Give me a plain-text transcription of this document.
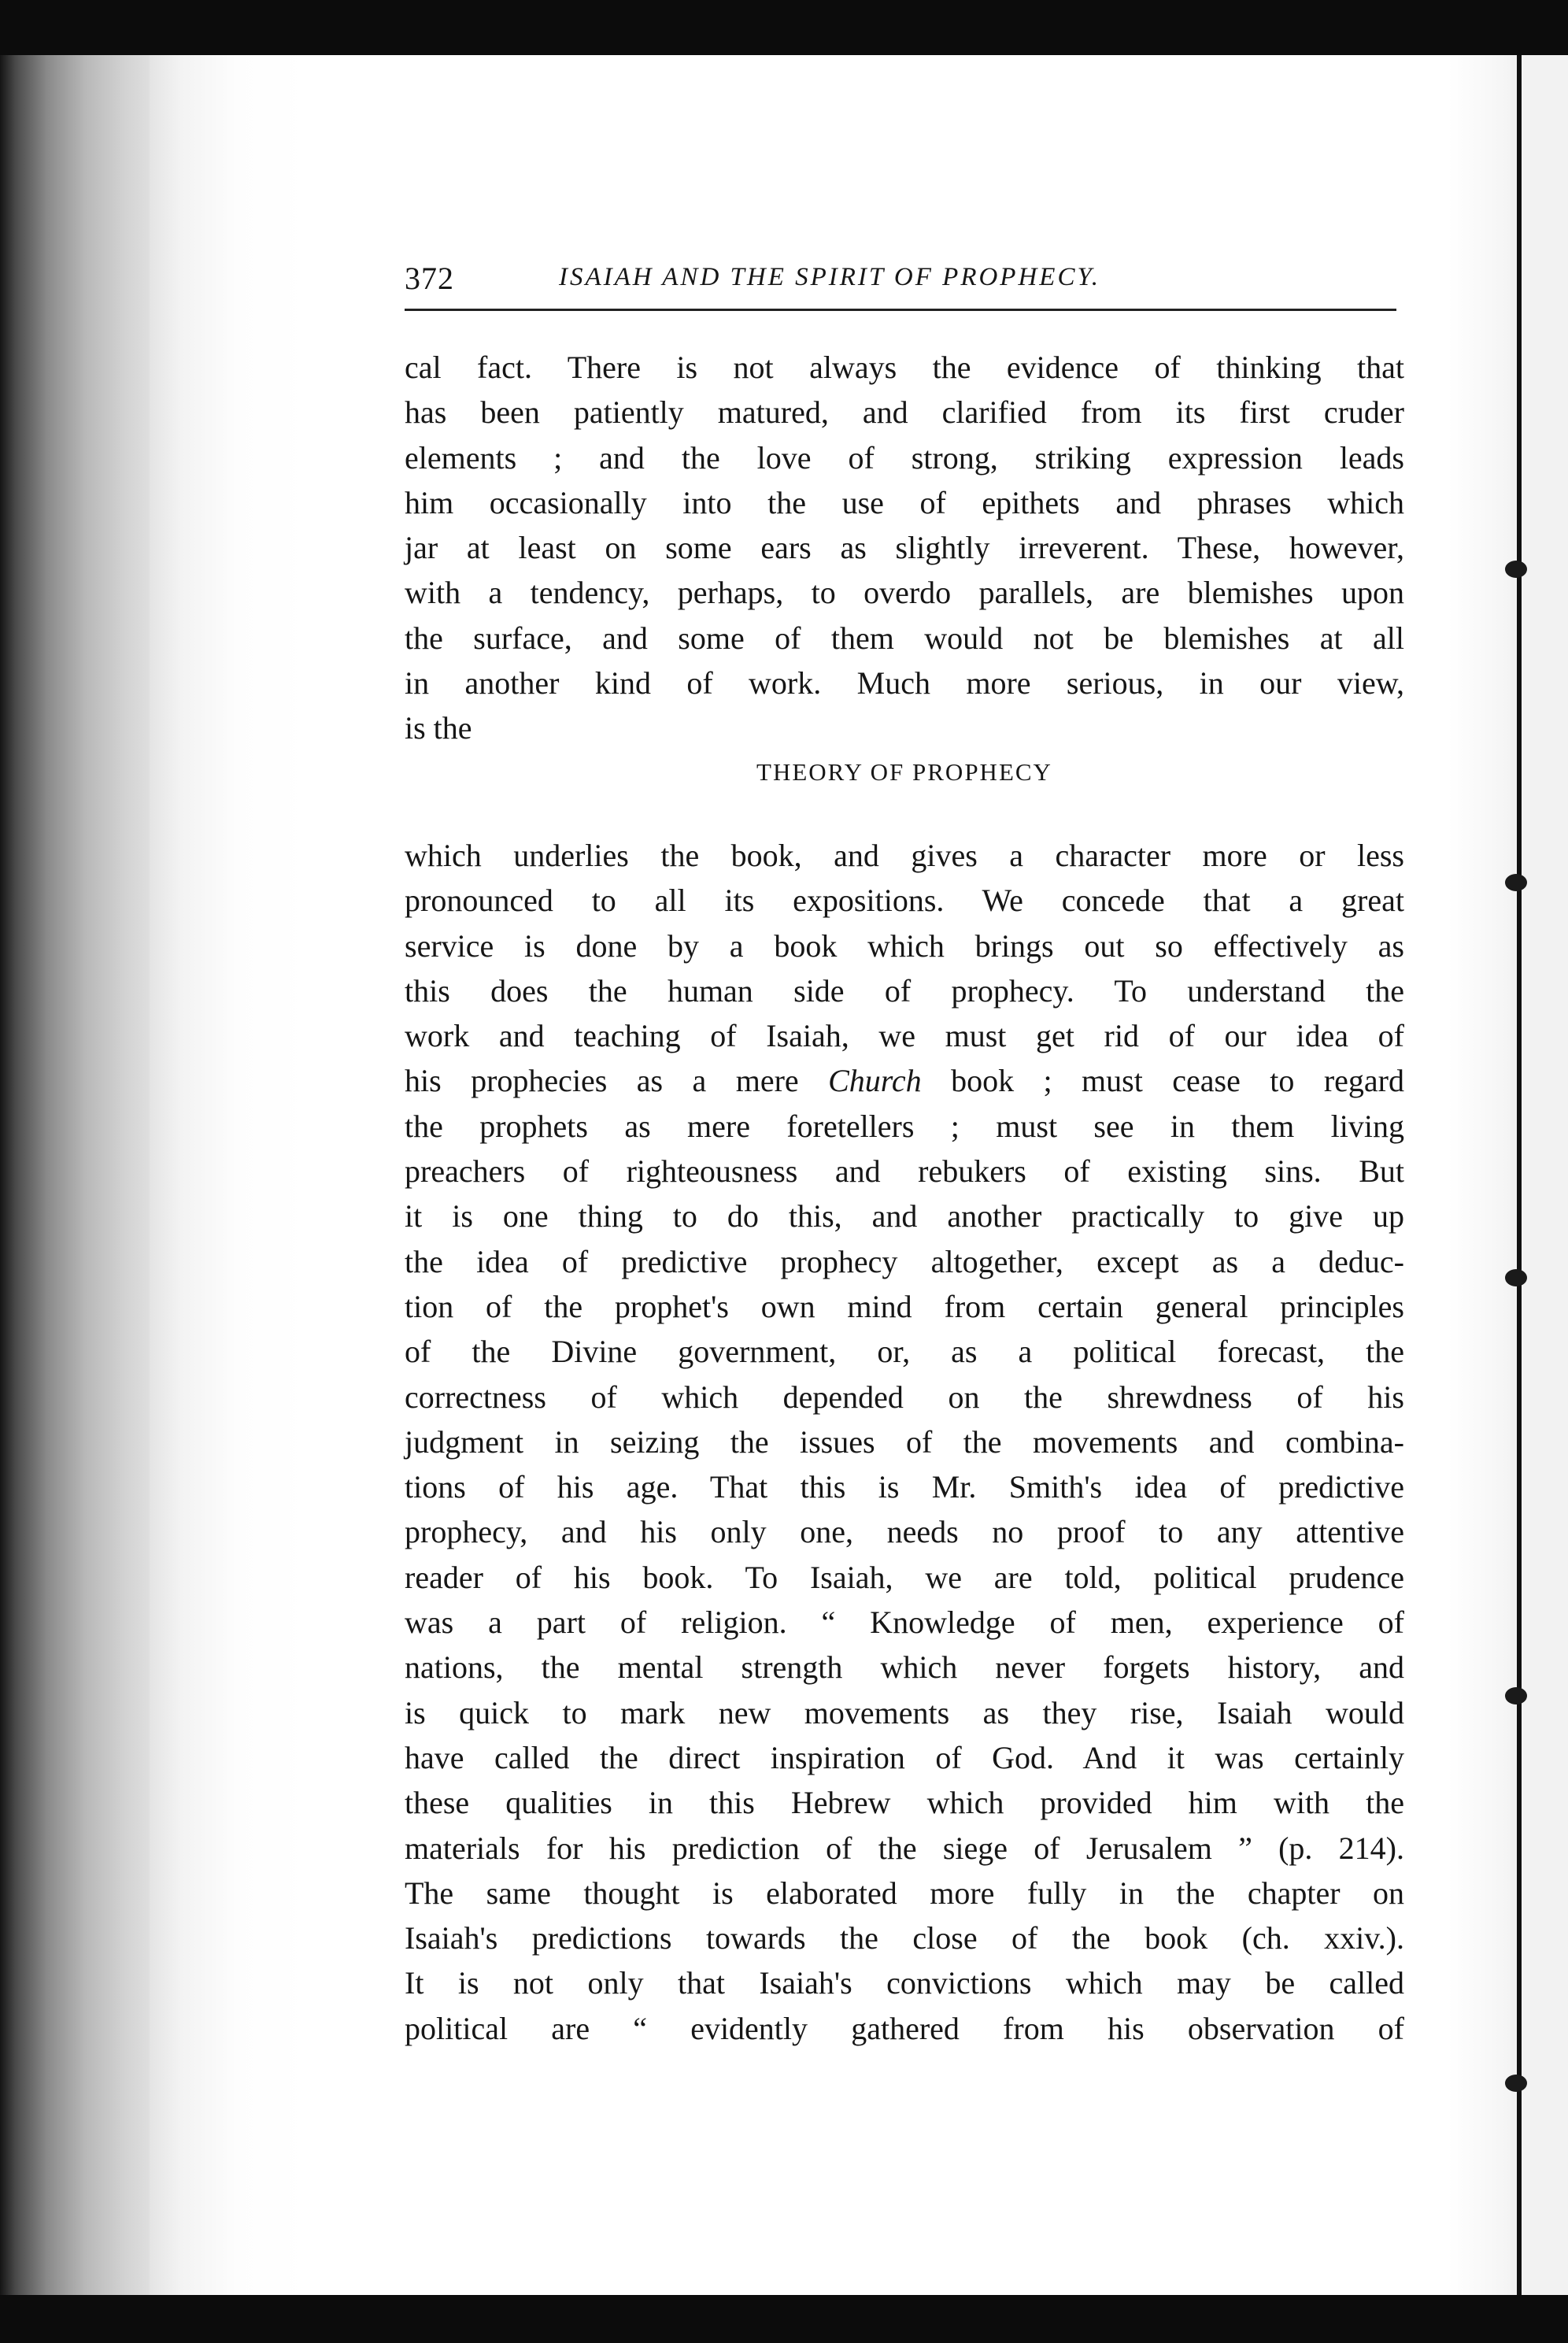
372	ISAIAH AND THE SPIRIT OF PROPHECY.
cal fact. There is not always the evidence of thinking that
has been patiently matured, and clarified from its first cruder
elements ; and the love of strong, striking expression leads
him occasionally into the use of epithets and phrases which
jar at least on some ears as slightly irreverent. These, however,
with a tendency, perhaps, to overdo parallels, are blemishes upon
the surface, and some of them would not be blemishes at all
in another kind of work. Much more serious, in our view,
is the
THEORY OF PROPHECY
which underlies the book, and gives a character more or less
pronounced to all its expositions. We concede that a great
service is done by a book which brings out so effectively as
this does the human side of prophecy. To understand the
work and teaching of Isaiah, we must get rid of our idea of
his prophecies as a mere Church book ; must cease to regard
the prophets as mere foretellers ; must see in them living
preachers of righteousness and rebukers of existing sins. But
it is one thing to do this, and another practically to give up
the idea of predictive prophecy altogether, except as a deduc-
tion of the prophet's own mind from certain general principles
of the Divine government, or, as a political forecast, the
correctness of which depended on the shrewdness of his
judgment in seizing the issues of the movements and combina-
tions of his age. That this is Mr. Smith's idea of predictive
prophecy, and his only one, needs no proof to any attentive
reader of his book. To Isaiah, we are told, political prudence
was a part of religion. “ Knowledge of men, experience of
nations, the mental strength which never forgets history, and
is quick to mark new movements as they rise, Isaiah would
have called the direct inspiration of God. And it was certainly
these qualities in this Hebrew which provided him with the
materials for his prediction of the siege of Jerusalem ” (p. 214).
The same thought is elaborated more fully in the chapter on
Isaiah's predictions towards the close of the book (ch. xxiv.).
It is not only that Isaiah's convictions which may be called
political are “ evidently gathered from his observation of
